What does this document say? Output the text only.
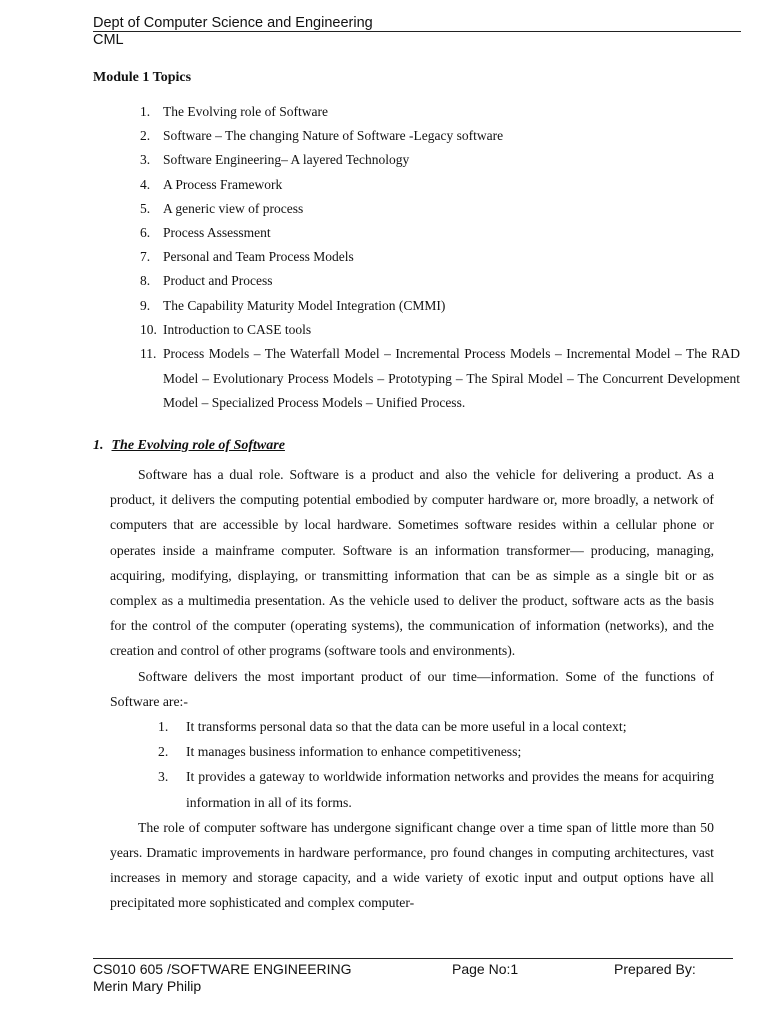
Dept of Computer Science and Engineering
CML
Module 1 Topics
1. The Evolving role of Software
2. Software – The changing Nature of Software -Legacy software
3. Software Engineering– A layered Technology
4. A Process Framework
5. A generic view of process
6. Process Assessment
7. Personal and Team Process Models
8. Product and Process
9. The Capability Maturity Model Integration (CMMI)
10. Introduction to CASE tools
11. Process Models – The Waterfall Model – Incremental Process Models – Incremental Model – The RAD Model – Evolutionary Process Models – Prototyping – The Spiral Model – The Concurrent Development Model – Specialized Process Models – Unified Process.
1. The Evolving role of Software

Software has a dual role. Software is a product and also the vehicle for delivering a product. As a product, it delivers the computing potential embodied by computer hardware or, more broadly, a network of computers that are accessible by local hardware. Sometimes software resides within a cellular phone or operates inside a mainframe computer. Software is an information transformer— producing, managing, acquiring, modifying, displaying, or transmitting information that can be as simple as a single bit or as complex as a multimedia presentation. As the vehicle used to deliver the product, software acts as the basis for the control of the computer (operating systems), the communication of information (networks), and the creation and control of other programs (software tools and environments).

Software delivers the most important product of our time—information. Some of the functions of Software are:-

1. It transforms personal data so that the data can be more useful in a local context;
2. It manages business information to enhance competitiveness;
3. It provides a gateway to worldwide information networks and provides the means for acquiring information in all of its forms.

The role of computer software has undergone significant change over a time span of little more than 50 years. Dramatic improvements in hardware performance, pro found changes in computing architectures, vast increases in memory and storage capacity, and a wide variety of exotic input and output options have all precipitated more sophisticated and complex computer-

CS010 605 /SOFTWARE ENGINEERING	Page No:1	Prepared By:
Merin Mary Philip
